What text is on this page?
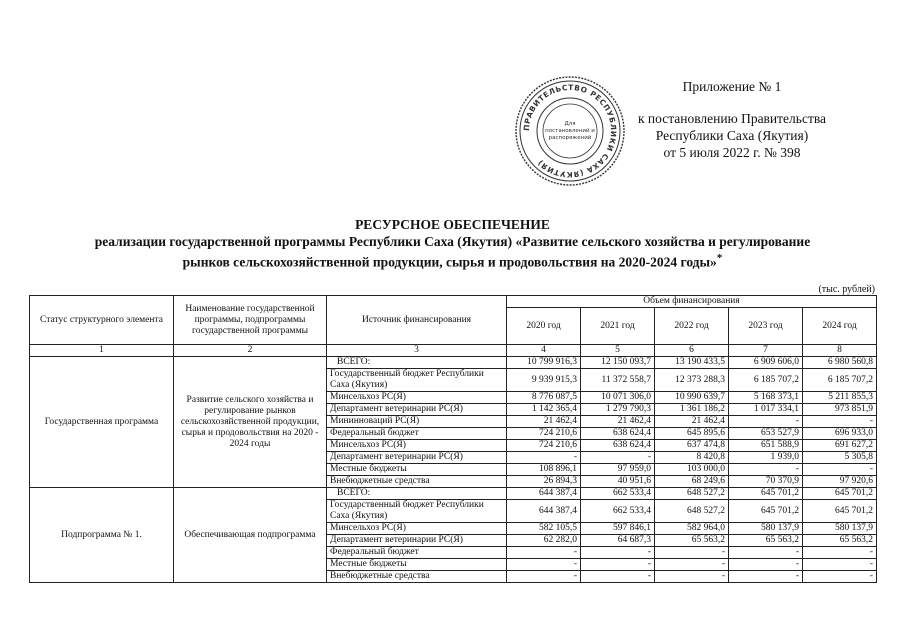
Приложение № 1
к постановлению Правительства
Республики Саха (Якутия)
от 5 июля 2022 г. № 398
ПРАВИТЕЛЬСТВО РЕСПУБЛИКИ САХА (ЯКУТИЯ)
Для
постановлений и
распоряжений
РЕСУРСНОЕ ОБЕСПЕЧЕНИЕ
реализации государственной программы Республики Саха (Якутия) «Развитие сельского хозяйства и регулирование
рынков сельскохозяйственной продукции, сырья и продовольствия на 2020-2024 годы»*
(тыс. рублей)
Статус структурного элемента	Наименование государственной программы, подпрограммы государственной программы	Источник финансирования	Объем финансирования				
			2020 год	2021 год	2022 год	2023 год	2024 год
1	2	3	4	5	6	7	8
Государственная программа	Развитие сельского хозяйства и регулирование рынков сельскохозяйственной продукции, сырья и продовольствия на 2020 - 2024 годы	ВСЕГО:	10 799 916,3	12 150 093,7	13 190 433,5	6 909 606,0	6 980 560,8
		Государственный бюджет Республики Саха (Якутия)	9 939 915,3	11 372 558,7	12 373 288,3	6 185 707,2	6 185 707,2
		Минсельхоз РС(Я)	8 776 087,5	10 071 306,0	10 990 639,7	5 168 373,1	5 211 855,3
		Департамент ветеринарии РС(Я)	1 142 365,4	1 279 790,3	1 361 186,2	1 017 334,1	973 851,9
		Мининноваций РС(Я)	21 462,4	21 462,4	21 462,4	-	-
		Федеральный бюджет	724 210,6	638 624,4	645 895,6	653 527,9	696 933,0
		Минсельхоз РС(Я)	724 210,6	638 624,4	637 474,8	651 588,9	691 627,2
		Департамент ветеринарии РС(Я)	-	-	8 420,8	1 939,0	5 305,8
		Местные бюджеты	108 896,1	97 959,0	103 000,0	-	-
		Внебюджетные средства	26 894,3	40 951,6	68 249,6	70 370,9	97 920,6
Подпрограмма № 1.	Обеспечивающая подпрограмма	ВСЕГО:	644 387,4	662 533,4	648 527,2	645 701,2	645 701,2
		Государственный бюджет Республики Саха (Якутия)	644 387,4	662 533,4	648 527,2	645 701,2	645 701,2
		Минсельхоз РС(Я)	582 105,5	597 846,1	582 964,0	580 137,9	580 137,9
		Департамент ветеринарии РС(Я)	62 282,0	64 687,3	65 563,2	65 563,2	65 563,2
		Федеральный бюджет	-	-	-	-	-
		Местные бюджеты	-	-	-	-	-
		Внебюджетные средства	-	-	-	-	-
